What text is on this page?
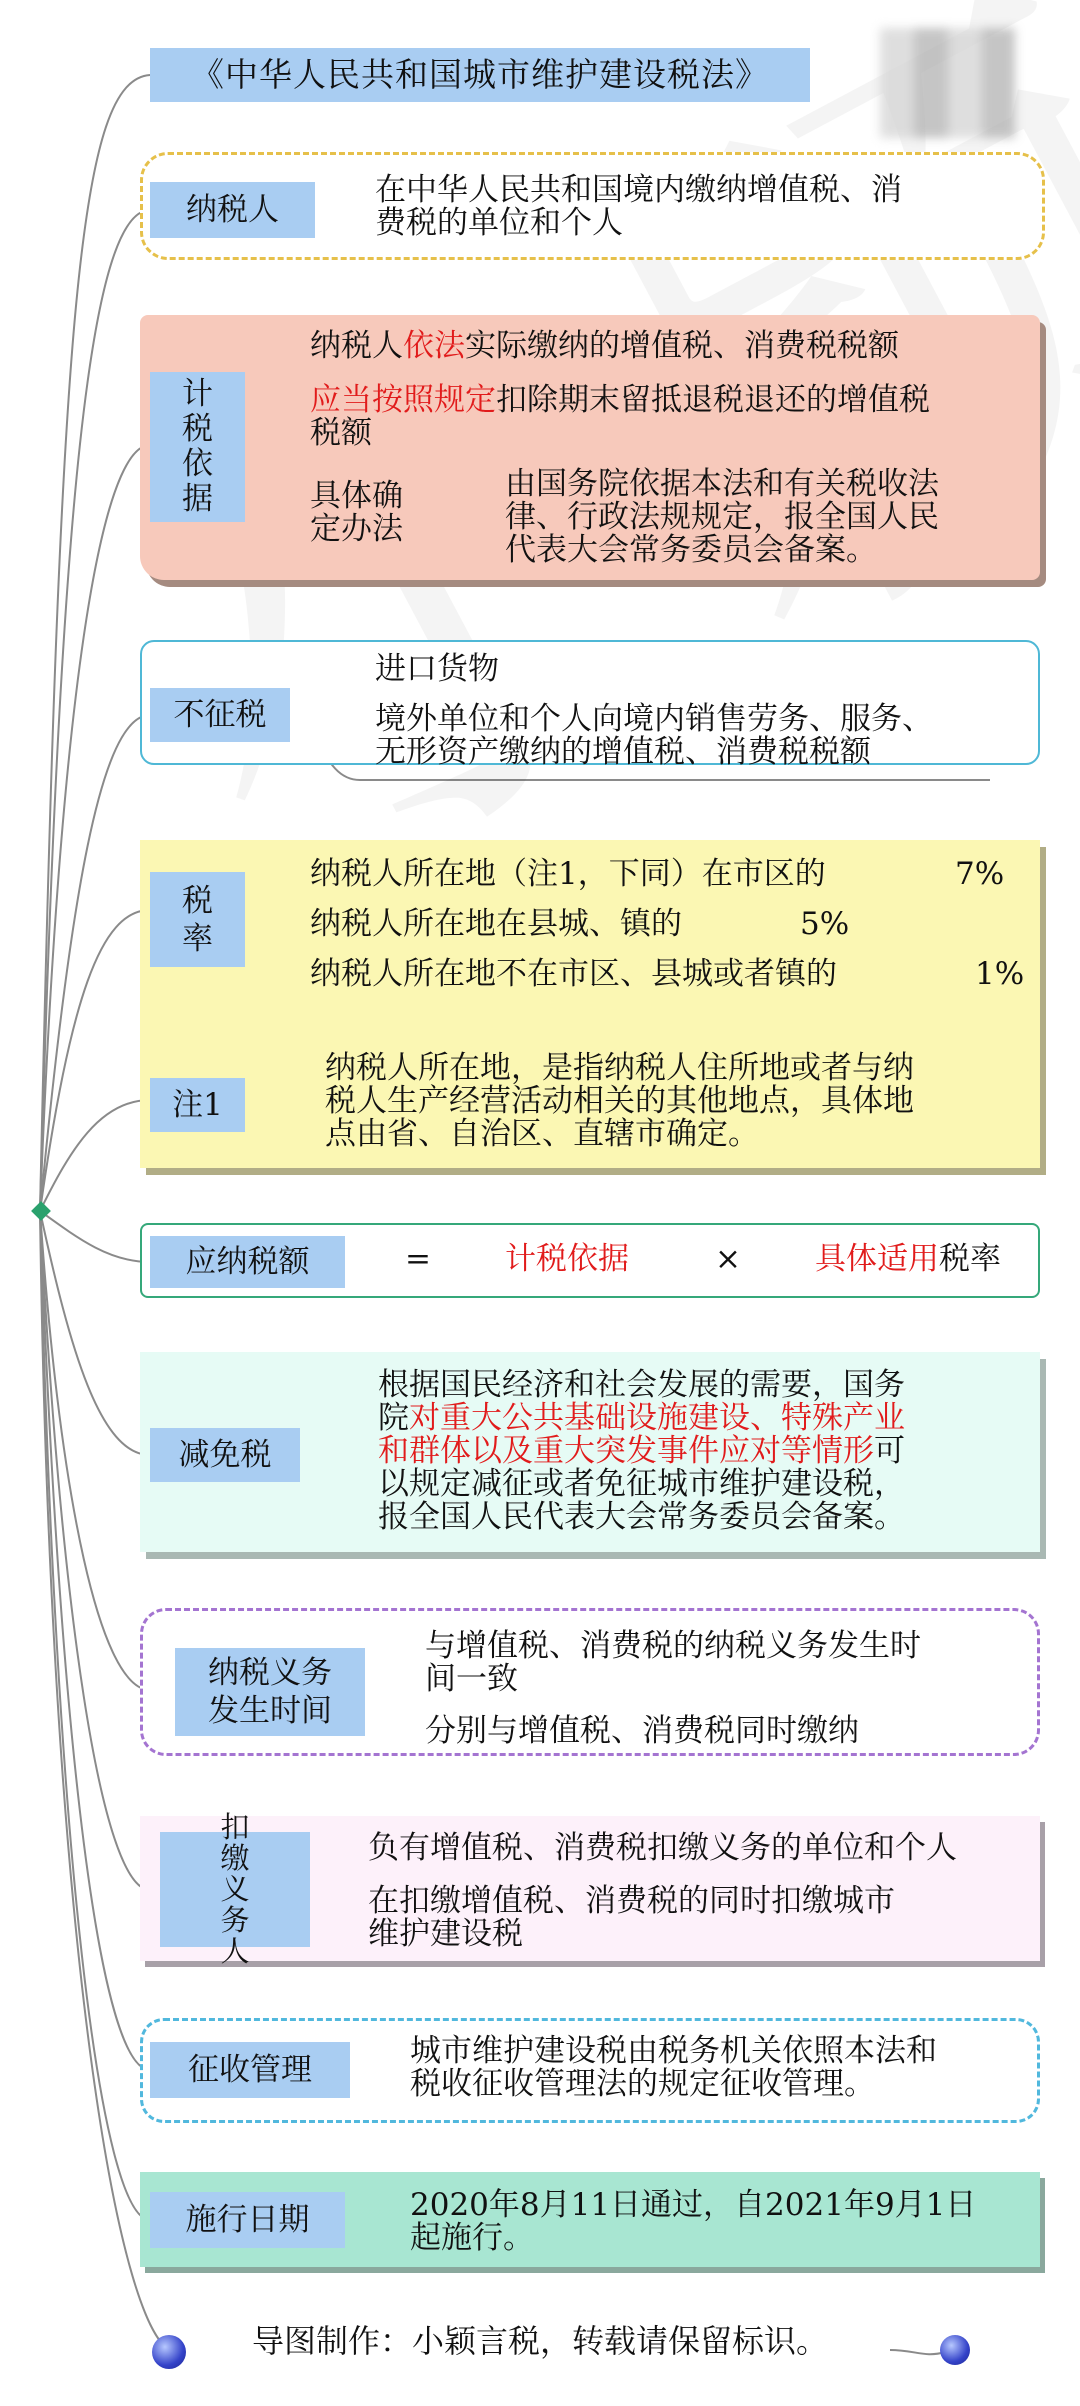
《中华人民共和国城市维护建设税法》
纳税人
在中华人民共和国境内缴纳增值税、消
费税的单位和个人
计
税
依
据
纳税人依法实际缴纳的增值税、消费税税额
应当按照规定扣除期末留抵退税退还的增值税
税额
具体确
定办法
由国务院依据本法和有关税收法
律、行政法规规定，报全国人民
代表大会常务委员会备案。
不征税
进口货物
境外单位和个人向境内销售劳务、服务、
无形资产缴纳的增值税、消费税税额
税
率
纳税人所在地（注1，下同）在市区的	7%
纳税人所在地在县城、镇的	5%
纳税人所在地不在市区、县城或者镇的	1%
注1
纳税人所在地，是指纳税人住所地或者与纳
税人生产经营活动相关的其他地点，具体地
点由省、自治区、直辖市确定。
应纳税额	= 计税依据	× 具体适用税率
减免税
根据国民经济和社会发展的需要，国务
院对重大公共基础设施建设、特殊产业
和群体以及重大突发事件应对等情形可
以规定减征或者免征城市维护建设税，
报全国人民代表大会常务委员会备案。
纳税义务
发生时间
与增值税、消费税的纳税义务发生时
间一致
分别与增值税、消费税同时缴纳
扣
缴
义
务
人
负有增值税、消费税扣缴义务的单位和个人
在扣缴增值税、消费税的同时扣缴城市
维护建设税
征收管理
城市维护建设税由税务机关依照本法和
税收征收管理法的规定征收管理。
施行日期	2020年8月11日通过，自2021年9月1日
起施行。
导图制作：小颖言税，转载请保留标识。
